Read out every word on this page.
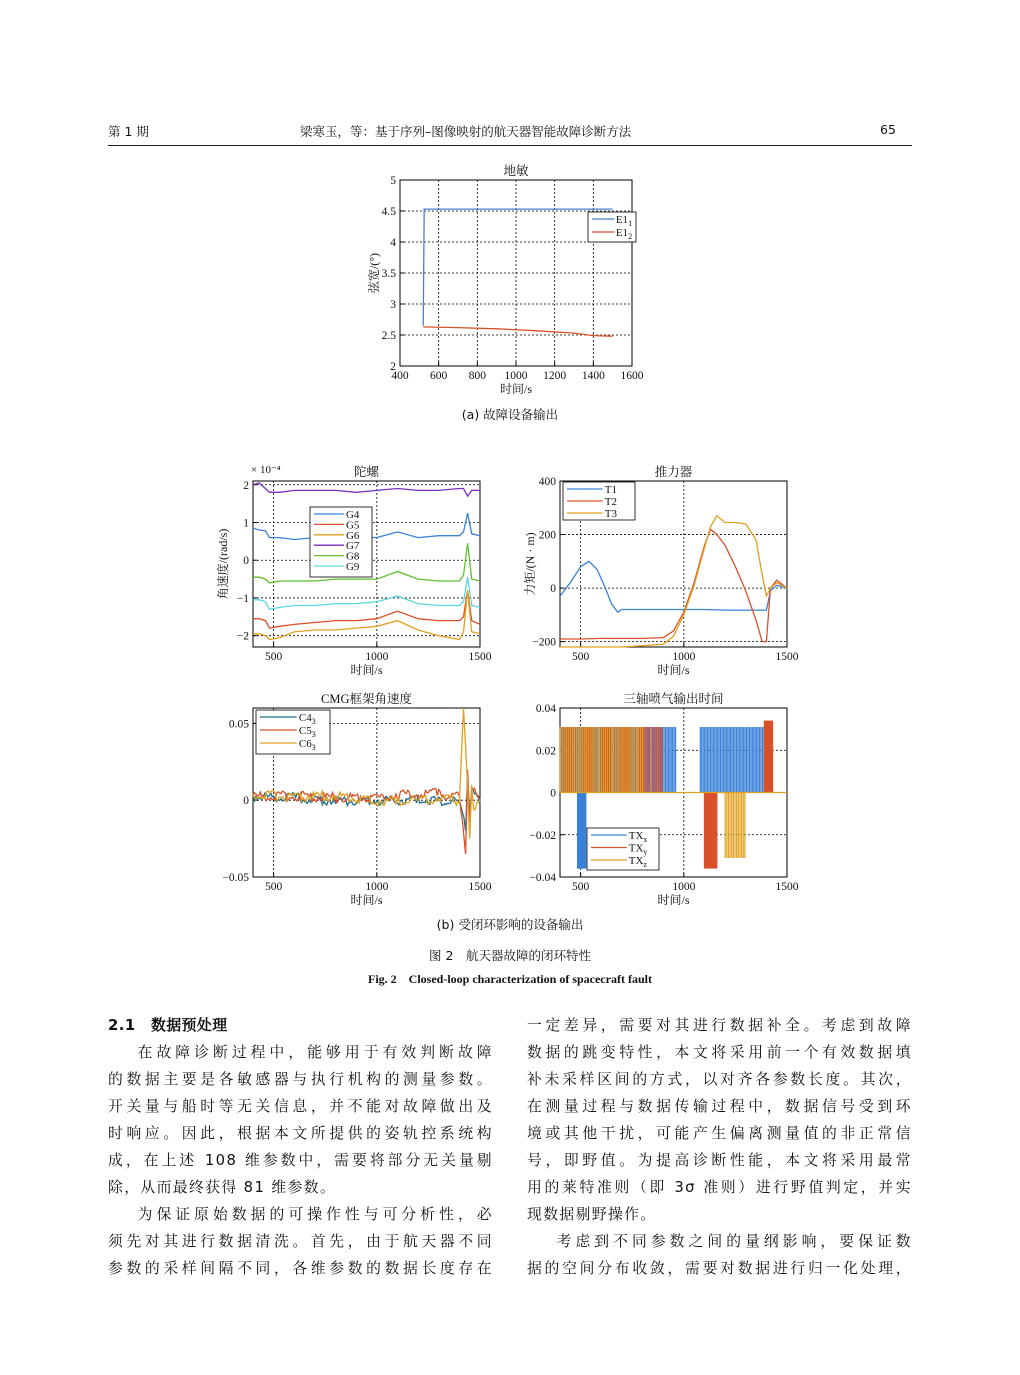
第 1 期	梁寒玉，等：基于序列–图像映射的航天器智能故障诊断方法	65
400 600 800 1000 1200 1400 1600
2
2.5
3
3.5
4
4.5
5
地敏
时间/s
弦宽/(°)
$E1_1$
$E1_2$
500	1000	1500
−2
−1
0
1
2
陀螺
时间/s
角速度/(rad/s)
× 10⁻⁴
G4
G5
G6
G7
G8
G9
500	1000	1500
−200
0
200
400
推力器
时间/s
力矩/(N · m)
T1
T2
T3
500	1000	1500
−0.05
0
0.05
CMG框架角速度
时间/s
$C4_3$
$C5_3$
$C6_3$
500	1000	1500
−0.04
−0.02
0
0.02
0.04
三轴喷气输出时间
时间/s
$TX_x$
$TX_y$
$TX_z$
(a) 故障设备输出
(b) 受闭环影响的设备输出
图 2　航天器故障的闭环特性
Fig. 2　Closed-loop characterization of spacecraft fault

2.1　 数据预处理

在故障诊断过程中，能够用于有效判断故障

的数据主要是各敏感器与执行机构的测量参数。

开关量与船时等无关信息，并不能对故障做出及

时响应。因此，根据本文所提供的姿轨控系统构

成，在上述 108 维参数中，需要将部分无关量剔

除，从而最终获得 81 维参数。

为保证原始数据的可操作性与可分析性，必

须先对其进行数据清洗。首先，由于航天器不同

参数的采样间隔不同，各维参数的数据长度存在

一定差异，需要对其进行数据补全。考虑到故障

数据的跳变特性，本文将采用前一个有效数据填

补未采样区间的方式，以对齐各参数长度。其次，

在测量过程与数据传输过程中，数据信号受到环

境或其他干扰，可能产生偏离测量值的非正常信

号，即野值。为提高诊断性能，本文将采用最常

用的莱特准则（即 3σ 准则）进行野值判定，并实

现数据剔野操作。

考虑到不同参数之间的量纲影响，要保证数

据的空间分布收敛，需要对数据进行归一化处理，
